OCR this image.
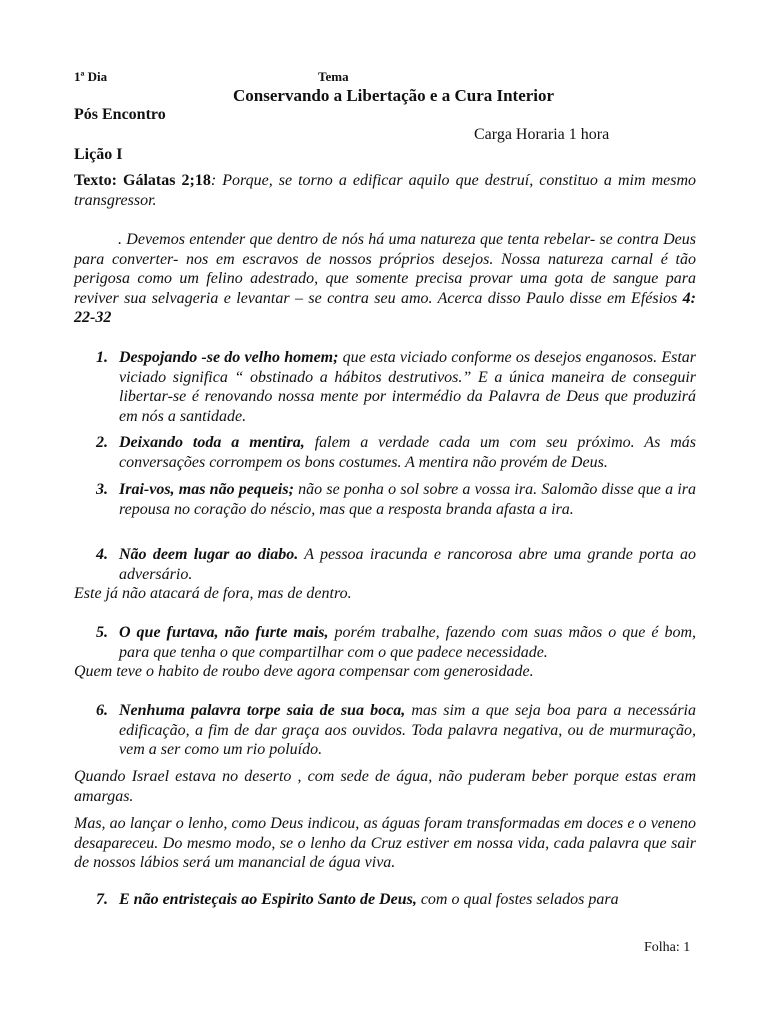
1ª Dia	Tema
Conservando a Libertação e a Cura Interior
Pós Encontro
Carga Horaria 1 hora
Lição I
Texto: Gálatas 2;18: Porque, se torno a edificar aquilo que destruí, constituo a mim mesmo transgressor.
. Devemos entender que dentro de nós há uma natureza que tenta rebelar- se contra Deus para converter- nos em escravos de nossos próprios desejos. Nossa natureza carnal é tão perigosa como um felino adestrado, que somente precisa provar uma gota de sangue para reviver sua selvageria e levantar – se contra seu amo. Acerca disso Paulo disse em Efésios 4: 22-32
1. Despojando -se do velho homem; que esta viciado conforme os desejos enganosos. Estar viciado significa “ obstinado a hábitos destrutivos.” E a única maneira de conseguir libertar-se é renovando nossa mente por intermédio da Palavra de Deus que produzirá em nós a santidade.
2. Deixando toda a mentira, falem a verdade cada um com seu próximo. As más conversações corrompem os bons costumes. A mentira não provém de Deus.
3. Irai-vos, mas não pequeis; não se ponha o sol sobre a vossa ira. Salomão disse que a ira repousa no coração do néscio, mas que a resposta branda afasta a ira.
4. Não deem lugar ao diabo. A pessoa iracunda e rancorosa abre uma grande porta ao adversário.
Este já não atacará de fora, mas de dentro.
5. O que furtava, não furte mais, porém trabalhe, fazendo com suas mãos o que é bom, para que tenha o que compartilhar com o que padece necessidade.
Quem teve o habito de roubo deve agora compensar com generosidade.
6. Nenhuma palavra torpe saia de sua boca, mas sim a que seja boa para a necessária edificação, a fim de dar graça aos ouvidos. Toda palavra negativa, ou de murmuração, vem a ser como um rio poluído.
Quando Israel estava no deserto , com sede de água, não puderam beber porque estas eram amargas.
Mas, ao lançar o lenho, como Deus indicou, as águas foram transformadas em doces e o veneno desapareceu. Do mesmo modo, se o lenho da Cruz estiver em nossa vida, cada palavra que sair de nossos lábios será um manancial de água viva.
7. E não entristeçais ao Espirito Santo de Deus, com o qual fostes selados para
Folha: 1
